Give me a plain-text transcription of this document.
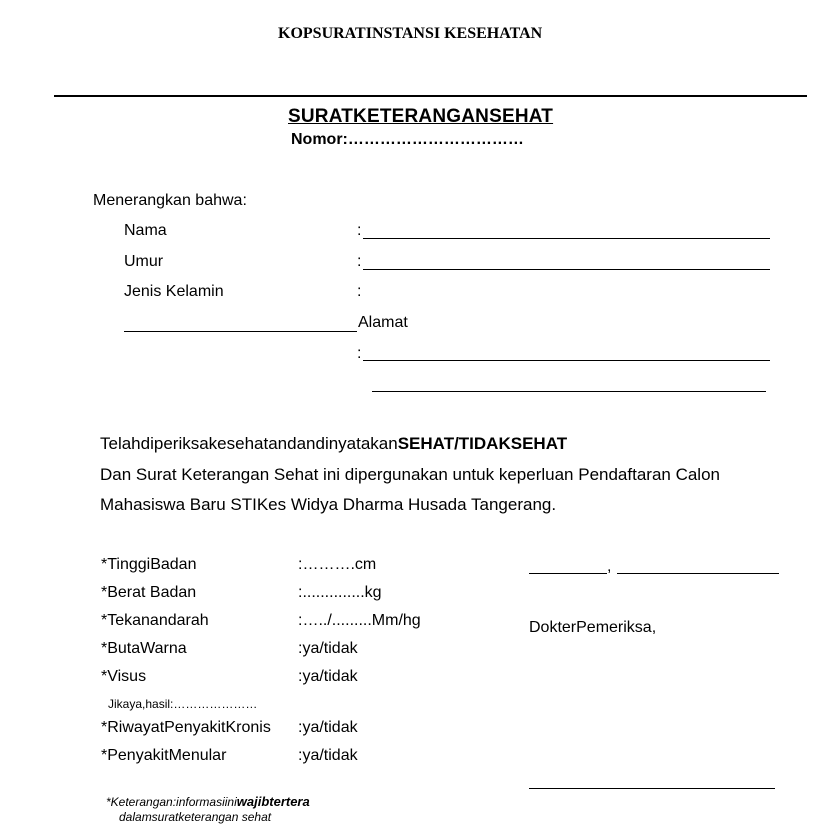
KOPSURATINSTANSI KESEHATAN
SURATKETERANGANSEHAT
Nomor:……………………………
Menerangkan bahwa:
Nama	:
Umur	:
Jenis Kelamin	:
Alamat
:
TelahdiperiksakesehatandandinyatakanSEHAT/TIDAKSEHAT
Dan Surat Keterangan Sehat ini dipergunakan untuk keperluan Pendaftaran Calon
Mahasiswa Baru STIKes Widya Dharma Husada Tangerang.
*TinggiBadan	:……….cm
*Berat Badan	:..............kg
*Tekanandarah	:…../.........Mm/hg
*ButaWarna	:ya/tidak
*Visus	:ya/tidak
Jikaya,hasil:…………………
*RiwayatPenyakitKronis :ya/tidak
*PenyakitMenular	:ya/tidak
,
DokterPemeriksa,
*Keterangan:informasiiniwajibtertera
dalamsuratketerangan sehat
